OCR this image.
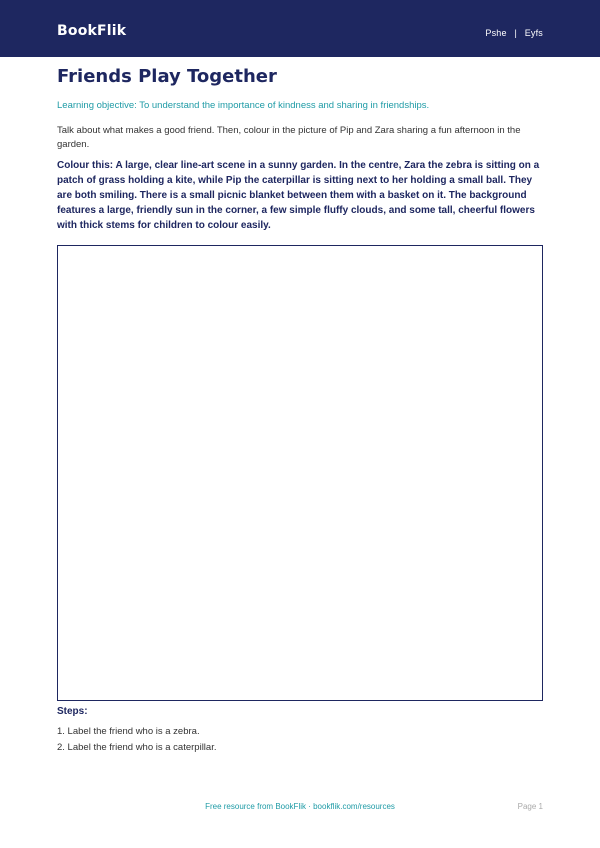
BookFlik	Pshe | Eyfs
Friends Play Together

Learning objective: To understand the importance of kindness and sharing in friendships.

Talk about what makes a good friend. Then, colour in the picture of Pip and Zara sharing a fun afternoon in the garden.

Colour this: A large, clear line-art scene in a sunny garden. In the centre, Zara the zebra is sitting on a patch of grass holding a kite, while Pip the caterpillar is sitting next to her holding a small ball. They are both smiling. There is a small picnic blanket between them with a basket on it. The background features a large, friendly sun in the corner, a few simple fluffy clouds, and some tall, cheerful flowers with thick stems for children to colour easily.

Steps:
1. Label the friend who is a zebra.
2. Label the friend who is a caterpillar.
Free resource from BookFlik · bookflik.com/resources	Page 1
